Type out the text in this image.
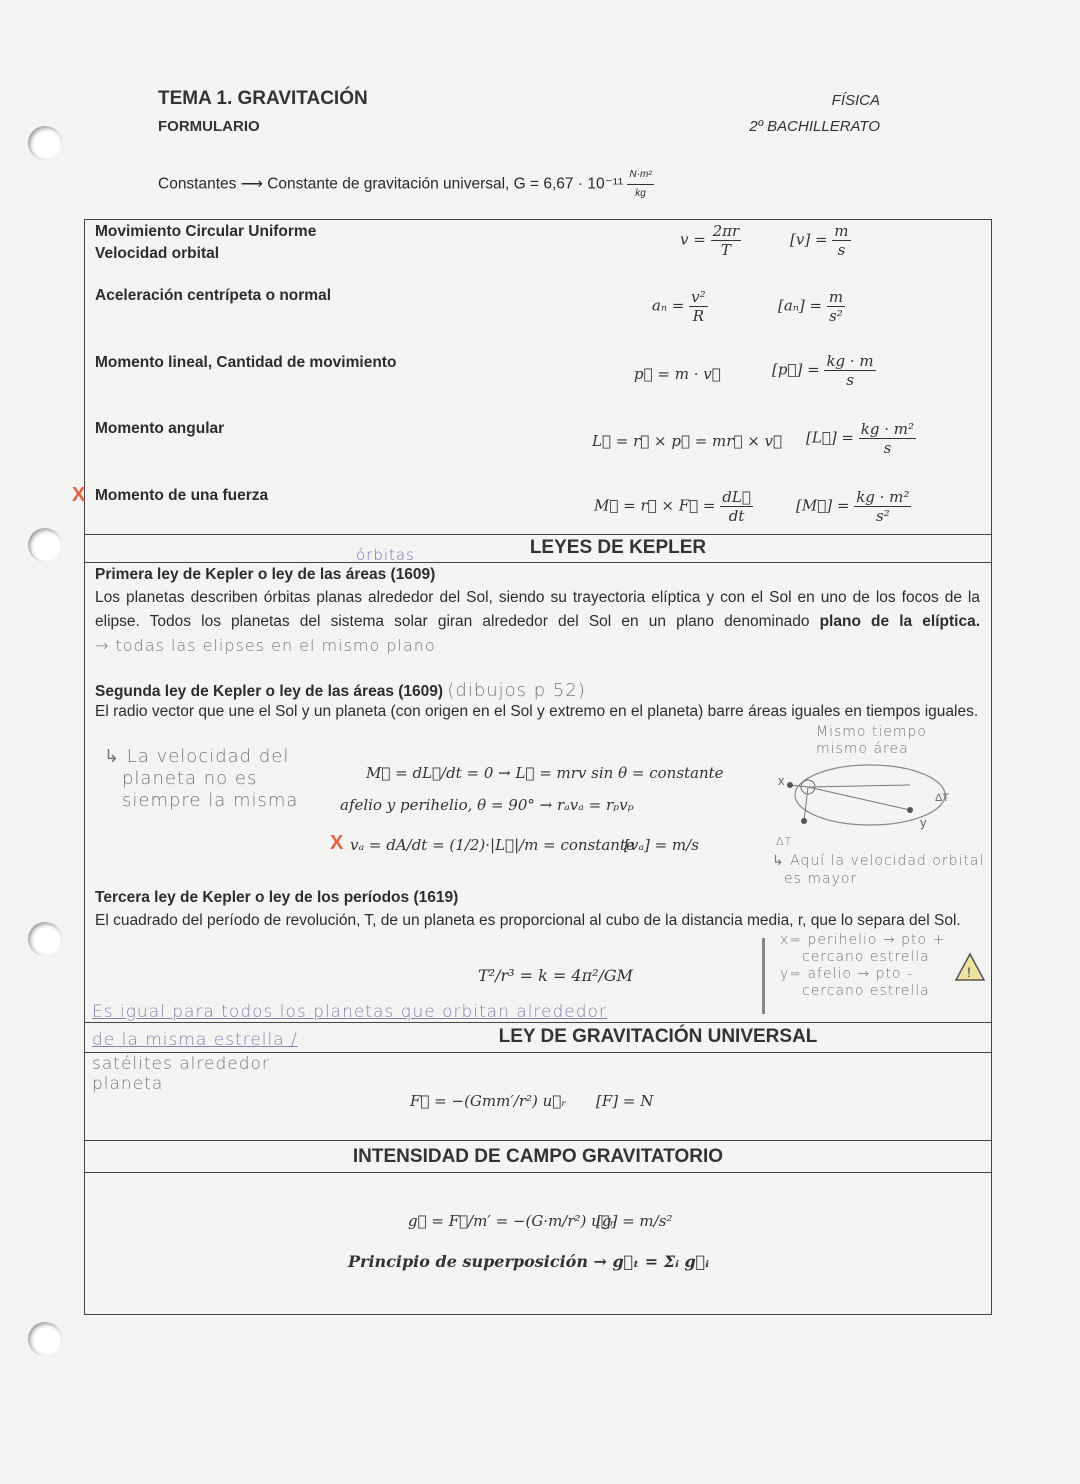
TEMA 1. GRAVITACIÓN
FORMULARIO
FÍSICA
2º BACHILLERATO
Constantes ⟶ Constante de gravitación universal, $G = 6,67 \cdot 10^{-11} \frac{\text{N·m²}}{kg}$
Movimiento Circular Uniforme
Velocidad orbital
$v = \frac{2\pi r}{T}$	$[v] = \frac{m}{s}$
Aceleración centrípeta o normal
$a_n = \frac{\text{v²}}{R}$	$[a_n] = \frac{m}{\text{s²}}$
Momento lineal, Cantidad de movimiento
p⃗ = m · v⃗	[p⃗] = $\frac{kg \cdot m}{s}$
Momento angular
L⃗ = r⃗ × p⃗ = mr⃗ × v⃗ [L⃗] = $\frac{\text{kg · m²}}{s}$
X Momento de una fuerza
M⃗ = r⃗ × F⃗ = $\frac{dL⃗}{dt}$	[M⃗] = $\frac{\text{kg · m²}}{\text{s²}}$
LEYES DE KEPLER
órbitas
Primera ley de Kepler o ley de las áreas (1609)
Los planetas describen órbitas planas alrededor del Sol, siendo su trayectoria elíptica y con el Sol en uno de los focos de la elipse. Todos los planetas del sistema solar giran alrededor del Sol en un plano denominado plano de la elíptica. → todas las elipses en el mismo plano
Segunda ley de Kepler o ley de las áreas (1609) (dibujos p 52)
El radio vector que une el Sol y un planeta (con origen en el Sol y extremo en el planeta) barre áreas iguales en tiempos iguales.
↳ La velocidad del
planeta no es
siempre la misma
M⃗ = dL⃗/dt = 0 → L⃗ = mrv sin θ = constante
afelio y perihelio, θ = 90° → rₐvₐ = rₚvₚ
X vₐ = dA/dt = (1/2)·|L⃗|/m = constante
[vₐ] = m/s
Mismo tiempo
mismo área
x
y
ΔT
ΔT
↳ Aquí la velocidad orbital
es mayor
Tercera ley de Kepler o ley de los períodos (1619)
El cuadrado del período de revolución, T, de un planeta es proporcional al cubo de la distancia media, r, que lo separa del Sol.
T²/r³ = k = 4π²/GM
x= perihelio → pto +
cercano estrella
y= afelio → pto -
cercano estrella
!
Es igual para todos los planetas que orbitan alrededor
LEY DE GRAVITACIÓN UNIVERSAL
de la misma estrella /
satélites alrededor
planeta
F⃗ = −(Gmm′/r²) u⃗ᵣ [F] = N
INTENSIDAD DE CAMPO GRAVITATORIO
g⃗ = F⃗/m′ = −(G·m/r²) u⃗ᵣ
[g] = m/s²
Principio de superposición → g⃗ₜ = Σᵢ g⃗ᵢ
